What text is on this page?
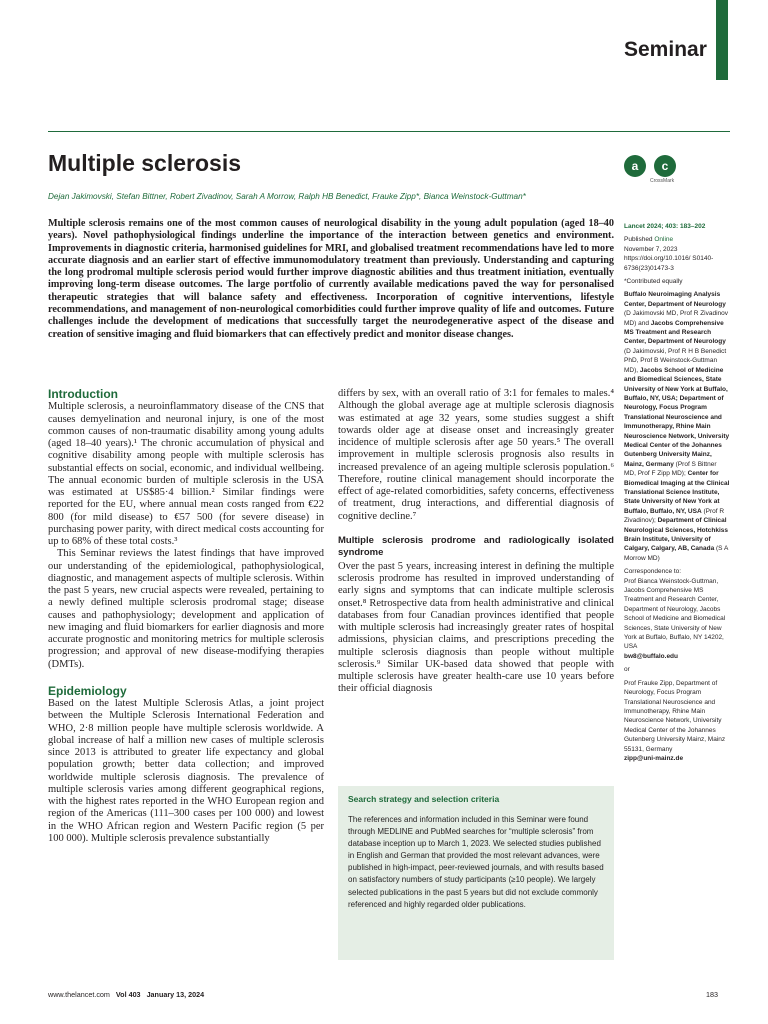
Seminar
Multiple sclerosis	a	c
CrossMark
Dejan Jakimovski, Stefan Bittner, Robert Zivadinov, Sarah A Morrow, Ralph HB Benedict, Frauke Zipp*, Bianca Weinstock-Guttman*

Multiple sclerosis remains one of the most common causes of neurological disability in the young adult population (aged 18–40 years). Novel pathophysiological findings underline the importance of the interaction between genetics and environment. Improvements in diagnostic criteria, harmonised guidelines for MRI, and globalised treatment recommendations have led to more accurate diagnosis and an earlier start of effective immunomodulatory treatment than previously. Understanding and capturing the long prodromal multiple sclerosis period would further improve diagnostic abilities and thus treatment initiation, eventually improving long-term disease outcomes. The large portfolio of currently available medications paved the way for personalised therapeutic strategies that will balance safety and effectiveness. Incorporation of cognitive interventions, lifestyle recommendations, and management of non-neurological comorbidities could further improve quality of life and outcomes. Future challenges include the development of medications that successfully target the neurodegenerative aspect of the disease and creation of sensitive imaging and fluid biomarkers that can effectively predict and monitor disease changes.

Introduction

Multiple sclerosis, a neuroinflammatory disease of the CNS that causes demyelination and neuronal injury, is one of the most common causes of non-traumatic disability among young adults (aged 18–40 years).¹ The chronic accumulation of physical and cognitive disability among people with multiple sclerosis has substantial effects on social, economic, and individual wellbeing. The annual economic burden of multiple sclerosis in the USA was estimated at US$85·4 billion.² Similar findings were reported for the EU, where annual mean costs ranged from €22 800 (for mild disease) to €57 500 (for severe disease) in purchasing power parity, with direct medical costs accounting for up to 68% of these total costs.³

This Seminar reviews the latest findings that have improved our understanding of the epidemiological, pathophysiological, diagnostic, and management aspects of multiple sclerosis. Within the past 5 years, new crucial aspects were revealed, pertaining to a newly defined multiple sclerosis prodromal stage; disease causes and pathophysiology; development and application of new imaging and fluid biomarkers for earlier diagnosis and more accurate prognostic and monitoring metrics for multiple sclerosis progression; and approval of new disease-modifying therapies (DMTs).

Epidemiology

Based on the latest Multiple Sclerosis Atlas, a joint project between the Multiple Sclerosis International Federation and WHO, 2·8 million people have multiple sclerosis worldwide. A global increase of half a million new cases of multiple sclerosis since 2013 is attributed to greater life expectancy and global population growth; better data collection; and improved worldwide multiple sclerosis diagnosis. The prevalence of multiple sclerosis varies among different geographical regions, with the highest rates reported in the WHO European region and region of the Americas (111–300 cases per 100 000) and lowest in the WHO African region and Western Pacific region (5 per 100 000). Multiple sclerosis prevalence substantially

differs by sex, with an overall ratio of 3:1 for females to males.⁴ Although the global average age at multiple sclerosis diagnosis was estimated at age 32 years, some studies suggest a shift towards older age at disease onset and increasingly greater incidence of multiple sclerosis after age 50 years.⁵ The overall improvement in multiple sclerosis prognosis also results in increased prevalence of an ageing multiple sclerosis population.⁶ Therefore, routine clinical management should incorporate the effect of age-related comorbidities, safety concerns, effectiveness of treatment, drug interactions, and differential diagnosis of cognitive decline.⁷

Multiple sclerosis prodrome and radiologically isolated syndrome

Over the past 5 years, increasing interest in defining the multiple sclerosis prodrome has resulted in improved understanding of early signs and symptoms that can indicate multiple sclerosis onset.⁸ Retrospective data from health administrative and clinical databases from four Canadian provinces identified that people with multiple sclerosis had increasingly greater rates of hospital admissions, physician claims, and prescriptions preceding the multiple sclerosis diagnosis than people without multiple sclerosis.⁹ Similar UK-based data showed that people with multiple sclerosis have greater health-care use 10 years before their official diagnosis

Search strategy and selection criteria

The references and information included in this Seminar were found through MEDLINE and PubMed searches for “multiple sclerosis” from database inception up to March 1, 2023. We selected studies published in English and German that provided the most relevant advances, were published in high-impact, peer-reviewed journals, and with results based on satisfactory numbers of study participants (≥10 people). We largely selected publications in the past 5 years but did not exclude commonly referenced and highly regarded older publications.

Lancet 2024; 403: 183–202

Published Online
November 7, 2023
https://doi.org/10.1016/ S0140-6736(23)01473-3

*Contributed equally

Buffalo Neuroimaging Analysis Center, Department of Neurology (D Jakimovski MD, Prof R Zivadinov MD) and Jacobs Comprehensive MS Treatment and Research Center, Department of Neurology (D Jakimovski, Prof R H B Benedict PhD, Prof B Weinstock-Guttman MD), Jacobs School of Medicine and Biomedical Sciences, State University of New York at Buffalo, Buffalo, NY, USA; Department of Neurology, Focus Program Translational Neuroscience and Immunotherapy, Rhine Main Neuroscience Network, University Medical Center of the Johannes Gutenberg University Mainz, Mainz, Germany (Prof S Bittner MD, Prof F Zipp MD); Center for Biomedical Imaging at the Clinical Translational Science Institute, State University of New York at Buffalo, Buffalo, NY, USA (Prof R Zivadinov); Department of Clinical Neurological Sciences, Hotchkiss Brain Institute, University of Calgary, Calgary, AB, Canada (S A Morrow MD)

Correspondence to:
Prof Bianca Weinstock-Guttman, Jacobs Comprehensive MS Treatment and Research Center, Department of Neurology, Jacobs School of Medicine and Biomedical Sciences, State University of New York at Buffalo, Buffalo, NY 14202, USA
bw8@buffalo.edu

or

Prof Frauke Zipp, Department of Neurology, Focus Program Translational Neuroscience and Immunotherapy, Rhine Main Neuroscience Network, University Medical Center of the Johannes Gutenberg University Mainz, Mainz 55131, Germany
zipp@uni-mainz.de

www.thelancet.com Vol 403 January 13, 2024	183
